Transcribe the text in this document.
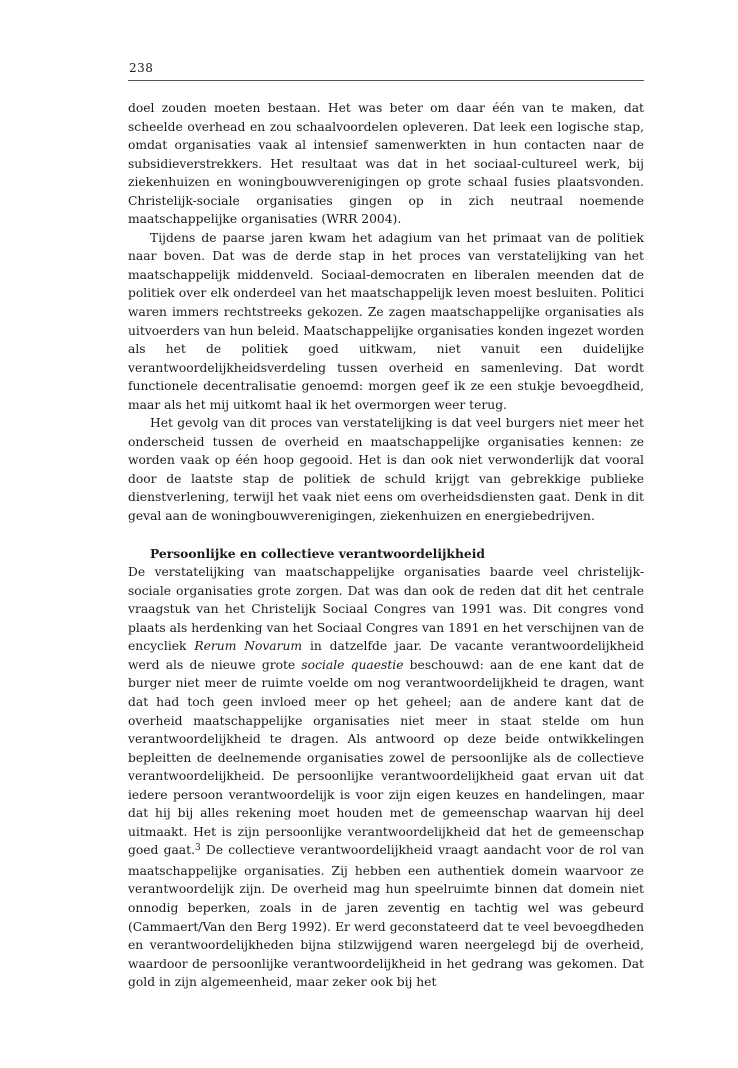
238

doel zouden moeten bestaan. Het was beter om daar één van te maken, dat scheelde overhead en zou schaalvoordelen opleveren. Dat leek een logische stap, omdat organisaties vaak al intensief samenwerkten in hun contacten naar de subsidieverstrekkers. Het resultaat was dat in het sociaal-cultureel werk, bij ziekenhuizen en woningbouwverenigingen op grote schaal fusies plaatsvonden. Christelijk-sociale organisaties gingen op in zich neutraal noemende maatschappelijke organisaties (WRR 2004).

Tijdens de paarse jaren kwam het adagium van het primaat van de politiek naar boven. Dat was de derde stap in het proces van verstatelijking van het maatschappelijk middenveld. Sociaal-democraten en liberalen meenden dat de politiek over elk onderdeel van het maatschappelijk leven moest besluiten. Politici waren immers rechtstreeks gekozen. Ze zagen maatschappelijke organisaties als uitvoerders van hun beleid. Maatschappelijke organisaties konden ingezet worden als het de politiek goed uitkwam, niet vanuit een duidelijke verantwoordelijkheidsverdeling tussen overheid en samenleving. Dat wordt functionele decentralisatie genoemd: morgen geef ik ze een stukje bevoegdheid, maar als het mij uitkomt haal ik het overmorgen weer terug.

Het gevolg van dit proces van verstatelijking is dat veel burgers niet meer het onderscheid tussen de overheid en maatschappelijke organisaties kennen: ze worden vaak op één hoop gegooid. Het is dan ook niet verwonderlijk dat vooral door de laatste stap de politiek de schuld krijgt van gebrekkige publieke dienstverlening, terwijl het vaak niet eens om overheidsdiensten gaat. Denk in dit geval aan de woningbouwverenigingen, ziekenhuizen en energiebedrijven.

Persoonlijke en collectieve verantwoordelijkheid

De verstatelijking van maatschappelijke organisaties baarde veel christelijk-sociale organisaties grote zorgen. Dat was dan ook de reden dat dit het centrale vraagstuk van het Christelijk Sociaal Congres van 1991 was. Dit congres vond plaats als herdenking van het Sociaal Congres van 1891 en het verschijnen van de encycliek Rerum Novarum in datzelfde jaar. De vacante verantwoordelijkheid werd als de nieuwe grote sociale quaestie beschouwd: aan de ene kant dat de burger niet meer de ruimte voelde om nog verantwoordelijkheid te dragen, want dat had toch geen invloed meer op het geheel; aan de andere kant dat de overheid maatschappelijke organisaties niet meer in staat stelde om hun verantwoordelijkheid te dragen. Als antwoord op deze beide ontwikkelingen bepleitten de deelnemende organisaties zowel de persoonlijke als de collectieve verantwoordelijkheid. De persoonlijke verantwoordelijkheid gaat ervan uit dat iedere persoon verantwoordelijk is voor zijn eigen keuzes en handelingen, maar dat hij bij alles rekening moet houden met de gemeenschap waarvan hij deel uitmaakt. Het is zijn persoonlijke verantwoordelijkheid dat het de gemeenschap goed gaat.$^3$ De collectieve verantwoordelijkheid vraagt aandacht voor de rol van maatschappelijke organisaties. Zij hebben een authentiek domein waarvoor ze verantwoordelijk zijn. De overheid mag hun speelruimte binnen dat domein niet onnodig beperken, zoals in de jaren zeventig en tachtig wel was gebeurd (Cammaert/Van den Berg 1992). Er werd geconstateerd dat te veel bevoegdheden en verantwoordelijkheden bijna stilzwijgend waren neergelegd bij de overheid, waardoor de persoonlijke verantwoordelijkheid in het gedrang was gekomen. Dat gold in zijn algemeenheid, maar zeker ook bij het
